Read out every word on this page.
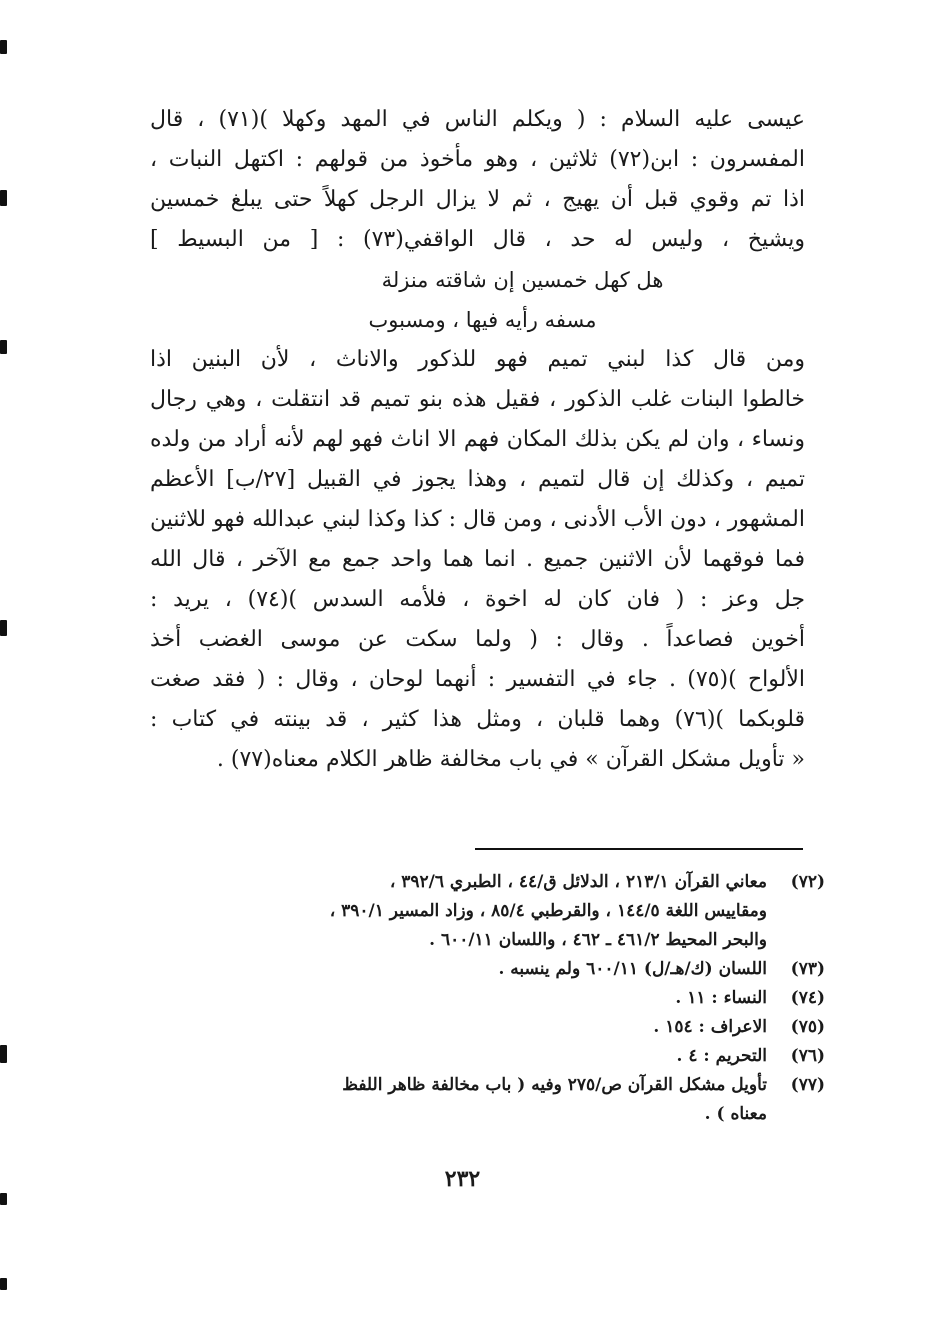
عيسى عليه السلام : ( ويكلم الناس في المهد وكهلا )(٧١) ، قال
المفسرون : ابن(٧٢) ثلاثين ، وهو مأخوذ من قولهم : اكتهل النبات ،
اذا تم وقوي قبل أن يهيج ، ثم لا يزال الرجل كهلاً حتى يبلغ خمسين
ويشيخ ، وليس له حد ، قال الواقفي(٧٣) : [ من البسيط ]
هل كهل خمسين إن شاقته منزلة
مسفه رأيه فيها ، ومسبوب
ومن قال كذا لبني تميم فهو للذكور والاناث ، لأن البنين اذا
خالطوا البنات غلب الذكور ، فقيل هذه بنو تميم قد انتقلت ، وهي رجال
ونساء ، وان لم يكن بذلك المكان فهم الا اناث فهو لهم لأنه أراد من ولده
تميم ، وكذلك إن قال لتميم ، وهذا يجوز في القبيل [٢٧/ب] الأعظم
المشهور ، دون الأب الأدنى ، ومن قال : كذا وكذا لبني عبدالله فهو للاثنين
فما فوقهما لأن الاثنين جميع . انما هما واحد جمع مع الآخر ، قال الله
جل وعز : ( فان كان له اخوة ، فلأمه السدس )(٧٤) ، يريد :
أخوين فصاعداً . وقال : ( ولما سكت عن موسى الغضب أخذ
الألواح )(٧٥) . جاء في التفسير : أنهما لوحان ، وقال : ( فقد صغت
قلوبكما )(٧٦) وهما قلبان ، ومثل هذا كثير ، قد بينته في كتاب :
« تأويل مشكل القرآن » في باب مخالفة ظاهر الكلام معناه(٧٧) .
(٧٢)
معاني القرآن ٢١٣/١ ، الدلائل ق/٤٤ ، الطبري ٣٩٢/٦ ،
ومقاييس اللغة ١٤٤/٥ ، والقرطبي ٨٥/٤ ، وزاد المسير ٣٩٠/١ ،
والبحر المحيط ٤٦١/٢ ـ ٤٦٢ ، واللسان ٦٠٠/١١ .
(٧٣)
اللسان (ك/هـ/ل) ٦٠٠/١١ ولم ينسبه .
(٧٤)
النساء : ١١ .
(٧٥)
الاعراف : ١٥٤ .
(٧٦)
التحريم : ٤ .
(٧٧)
تأويل مشكل القرآن ص/٢٧٥ وفيه ( باب مخالفة ظاهر اللفظ
معناه ) .
٢٣٢
